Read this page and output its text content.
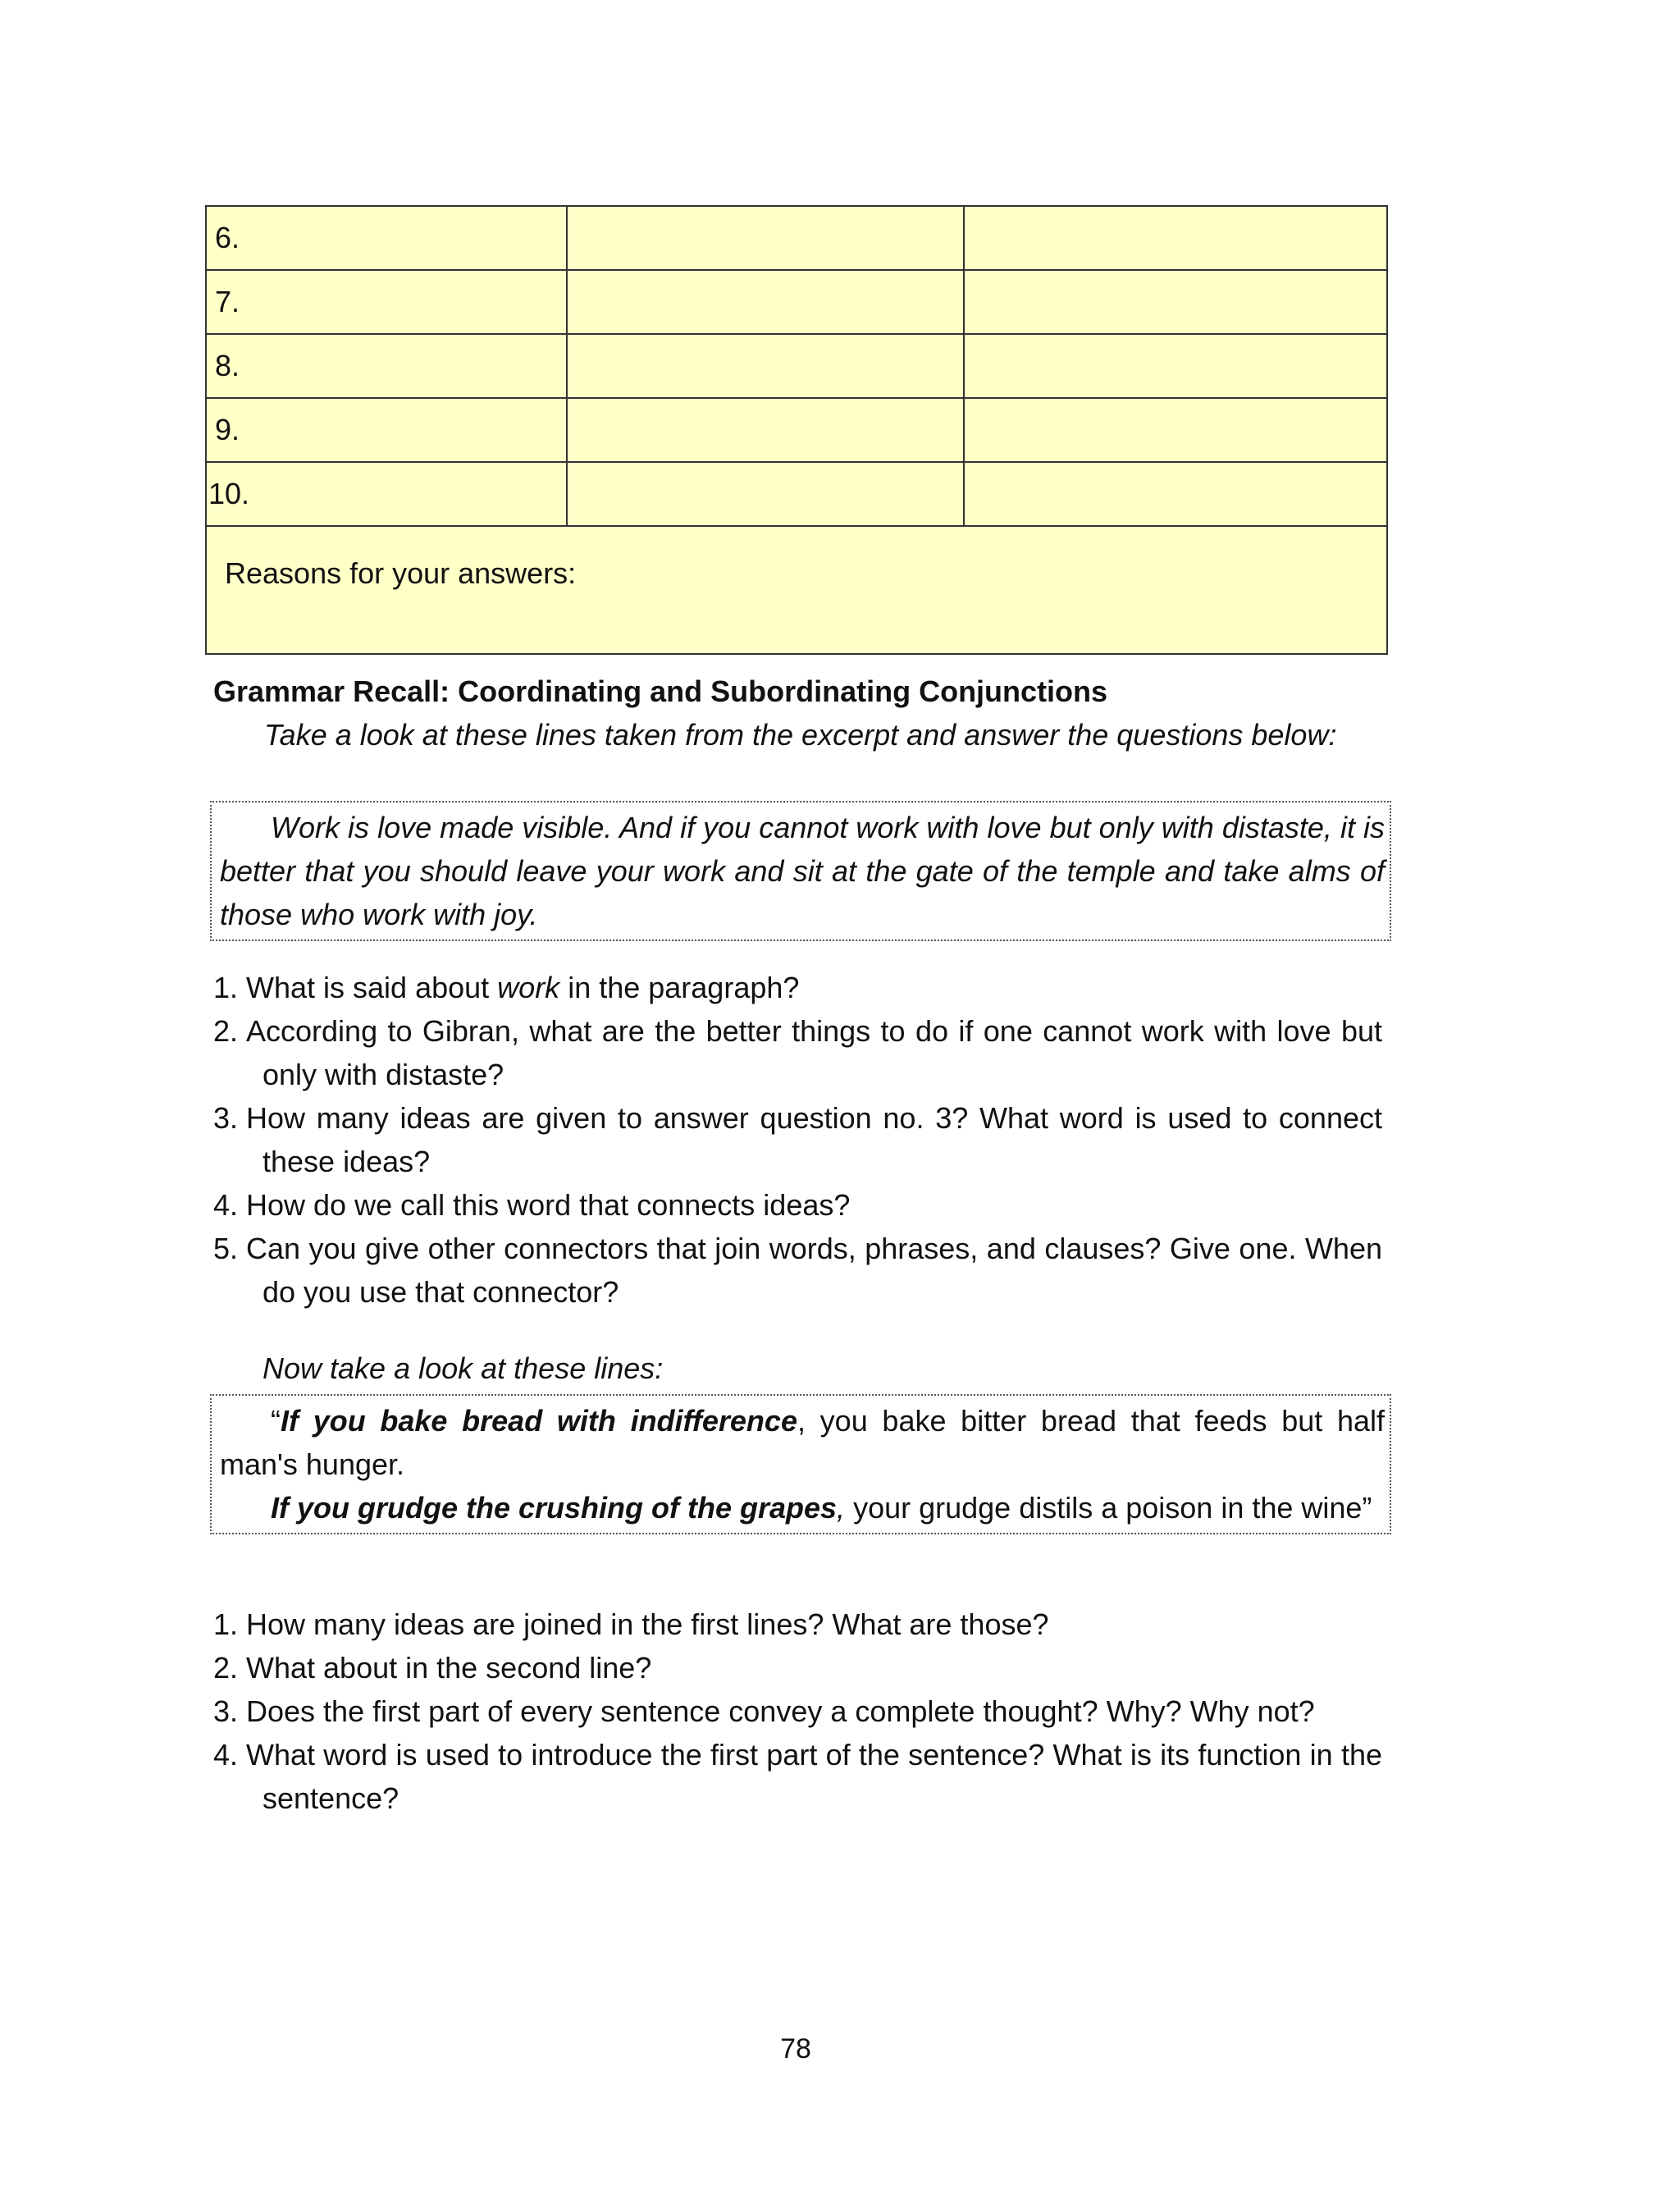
6.		
7.		
8.		
9.		
10.		
Reasons for your answers:		
Grammar Recall: Coordinating and Subordinating Conjunctions
Take a look at these lines taken from the excerpt and answer the questions below:

Work is love made visible. And if you cannot work with love but only with distaste, it is better that you should leave your work and sit at the gate of the temple and take alms of those who work with joy.

1. What is said about work in the paragraph?
2. According to Gibran, what are the better things to do if one cannot work with love but only with distaste?
3. How many ideas are given to answer question no. 3? What word is used to connect these ideas?
4. How do we call this word that connects ideas?
5. Can you give other connectors that join words, phrases, and clauses? Give one. When do you use that connector?
Now take a look at these lines:

“If you bake bread with indifference, you bake bitter bread that feeds but half man's hunger.

If you grudge the crushing of the grapes, your grudge distils a poison in the wine”

1. How many ideas are joined in the first lines? What are those?
2. What about in the second line?
3. Does the first part of every sentence convey a complete thought? Why? Why not?
4. What word is used to introduce the first part of the sentence? What is its function in the sentence?
78
